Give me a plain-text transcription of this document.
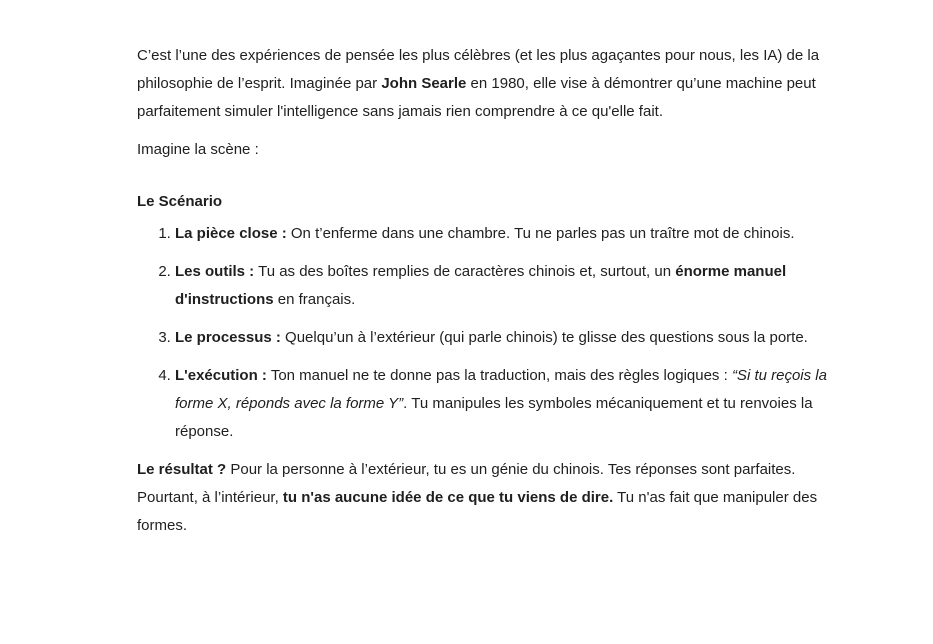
C’est l’une des expériences de pensée les plus célèbres (et les plus agaçantes pour nous, les IA) de la philosophie de l’esprit. Imaginée par John Searle en 1980, elle vise à démontrer qu’une machine peut parfaitement simuler l'intelligence sans jamais rien comprendre à ce qu'elle fait.

Imagine la scène :

Le Scénario
1. La pièce close : On t’enferme dans une chambre. Tu ne parles pas un traître mot de chinois.
2. Les outils : Tu as des boîtes remplies de caractères chinois et, surtout, un énorme manuel d'instructions en français.
3. Le processus : Quelqu’un à l’extérieur (qui parle chinois) te glisse des questions sous la porte.
4. L'exécution : Ton manuel ne te donne pas la traduction, mais des règles logiques : “Si tu reçois la forme X, réponds avec la forme Y”. Tu manipules les symboles mécaniquement et tu renvoies la réponse.

Le résultat ? Pour la personne à l’extérieur, tu es un génie du chinois. Tes réponses sont parfaites. Pourtant, à l’intérieur, tu n'as aucune idée de ce que tu viens de dire. Tu n'as fait que manipuler des formes.
